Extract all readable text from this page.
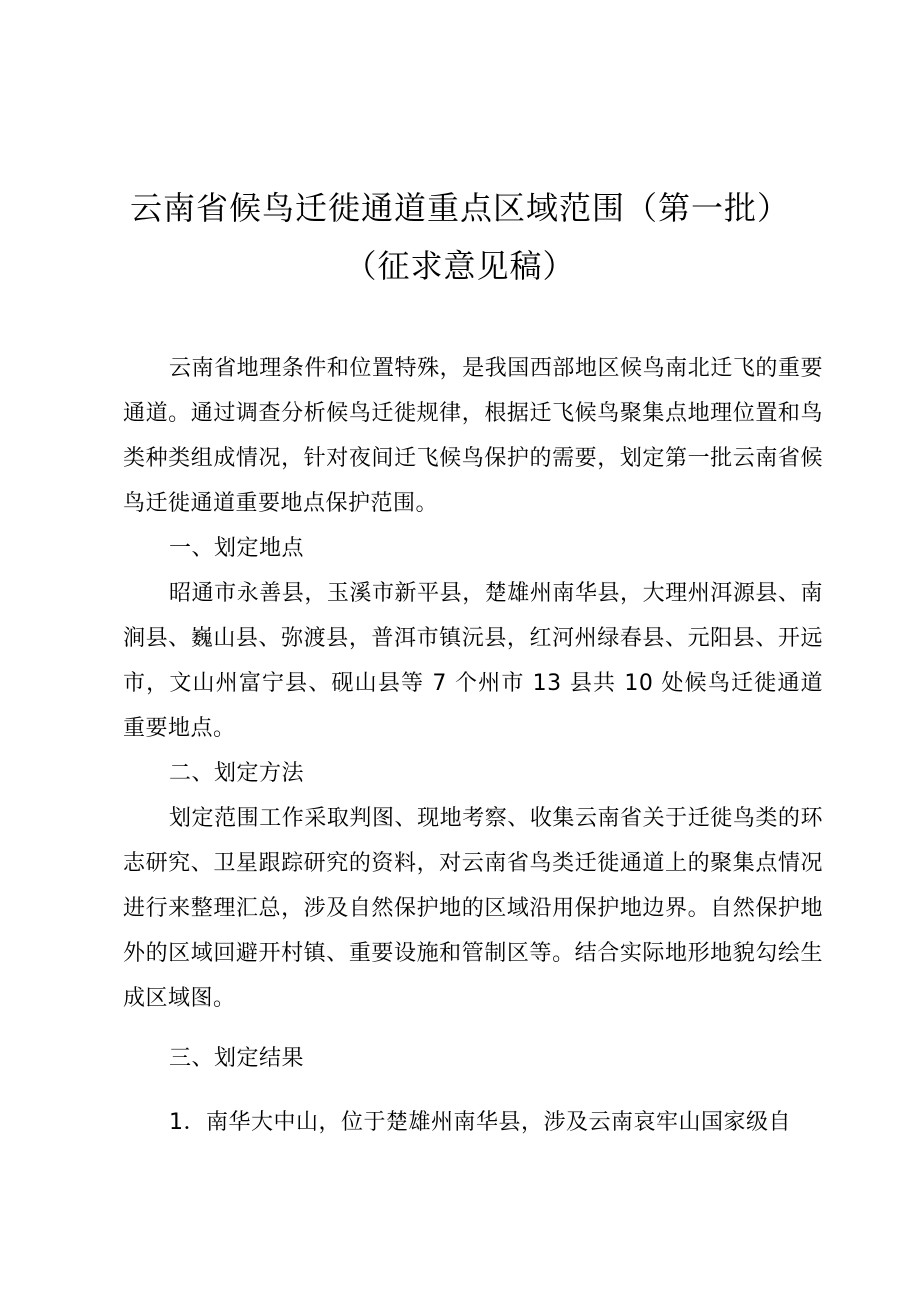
云南省候鸟迁徙通道重点区域范围（第一批）
（征求意见稿）

云南省地理条件和位置特殊，是我国西部地区候鸟南北迁飞的重要通道。通过调查分析候鸟迁徙规律，根据迁飞候鸟聚集点地理位置和鸟类种类组成情况，针对夜间迁飞候鸟保护的需要，划定第一批云南省候鸟迁徙通道重要地点保护范围。

一、划定地点

昭通市永善县，玉溪市新平县，楚雄州南华县，大理州洱源县、南涧县、巍山县、弥渡县，普洱市镇沅县，红河州绿春县、元阳县、开远市，文山州富宁县、砚山县等 7 个州市 13 县共 10 处候鸟迁徙通道重要地点。

二、划定方法

划定范围工作采取判图、现地考察、收集云南省关于迁徙鸟类的环志研究、卫星跟踪研究的资料，对云南省鸟类迁徙通道上的聚集点情况进行来整理汇总，涉及自然保护地的区域沿用保护地边界。自然保护地外的区域回避开村镇、重要设施和管制区等。结合实际地形地貌勾绘生成区域图。

三、划定结果

1．南华大中山，位于楚雄州南华县，涉及云南哀牢山国家级自
